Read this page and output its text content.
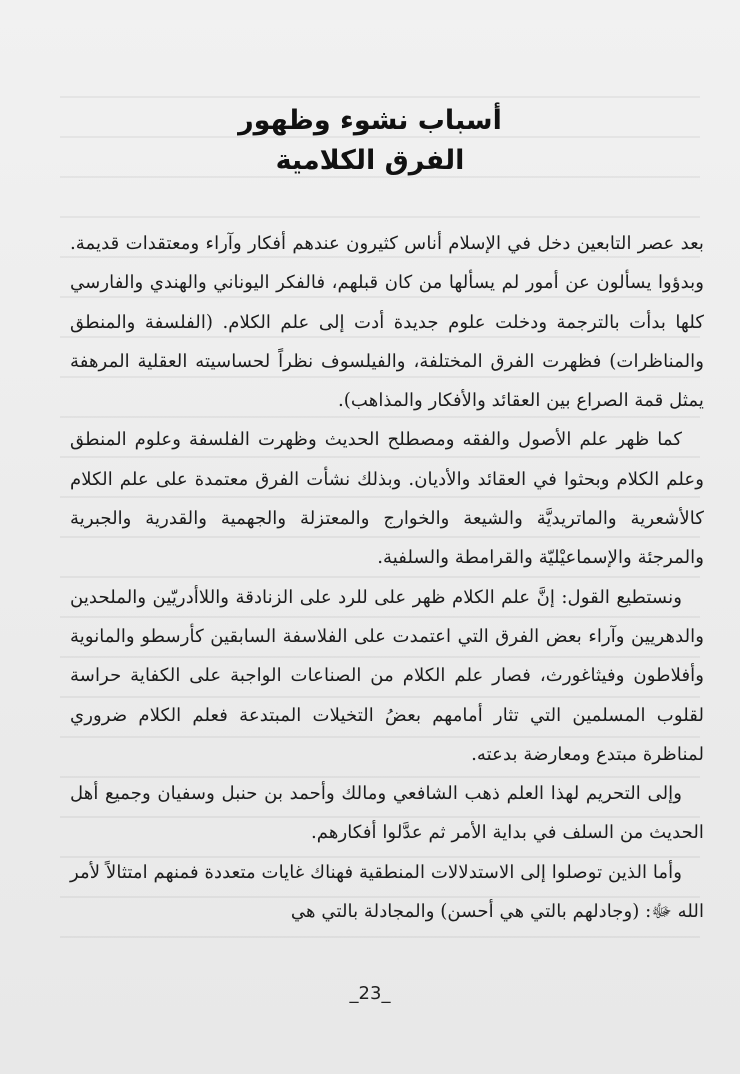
أسباب نشوء وظهور
الفرق الكلامية

بعد عصر التابعين دخل في الإسلام أناس كثيرون عندهم أفكار وآراء ومعتقدات قديمة. وبدؤوا يسألون عن أمور لم يسألها من كان قبلهم، فالفكر اليوناني والهندي والفارسي كلها بدأت بالترجمة ودخلت علوم جديدة أدت إلى علم الكلام. (الفلسفة والمنطق والمناظرات) فظهرت الفرق المختلفة، والفيلسوف نظراً لحساسيته العقلية المرهفة يمثل قمة الصراع بين العقائد والأفكار والمذاهب).

كما ظهر علم الأصول والفقه ومصطلح الحديث وظهرت الفلسفة وعلوم المنطق وعلم الكلام وبحثوا في العقائد والأديان. وبذلك نشأت الفرق معتمدة على علم الكلام كالأشعرية والماتريديَّة والشيعة والخوارج والمعتزلة والجهمية والقدرية والجبرية والمرجئة والإسماعيْليّة والقرامطة والسلفية.

ونستطيع القول: إنَّ علم الكلام ظهر على للرد على الزنادقة واللاأدريّين والملحدين والدهريين وآراء بعض الفرق التي اعتمدت على الفلاسفة السابقين كأرسطو والمانوية وأفلاطون وفيثاغورث، فصار علم الكلام من الصناعات الواجبة على الكفاية حراسة لقلوب المسلمين التي تثار أمامهم بعضُ التخيلات المبتدعة فعلم الكلام ضروري لمناظرة مبتدع ومعارضة بدعته.

وإلى التحريم لهذا العلم ذهب الشافعي ومالك وأحمد بن حنبل وسفيان وجميع أهل الحديث من السلف في بداية الأمر ثم عدَّلوا أفكارهم.

وأما الذين توصلوا إلى الاستدلالات المنطقية فهناك غايات متعددة فمنهم امتثالاً لأمر الله ﷻ: (وجادلهم بالتي هي أحسن) والمجادلة بالتي هي

_23_
